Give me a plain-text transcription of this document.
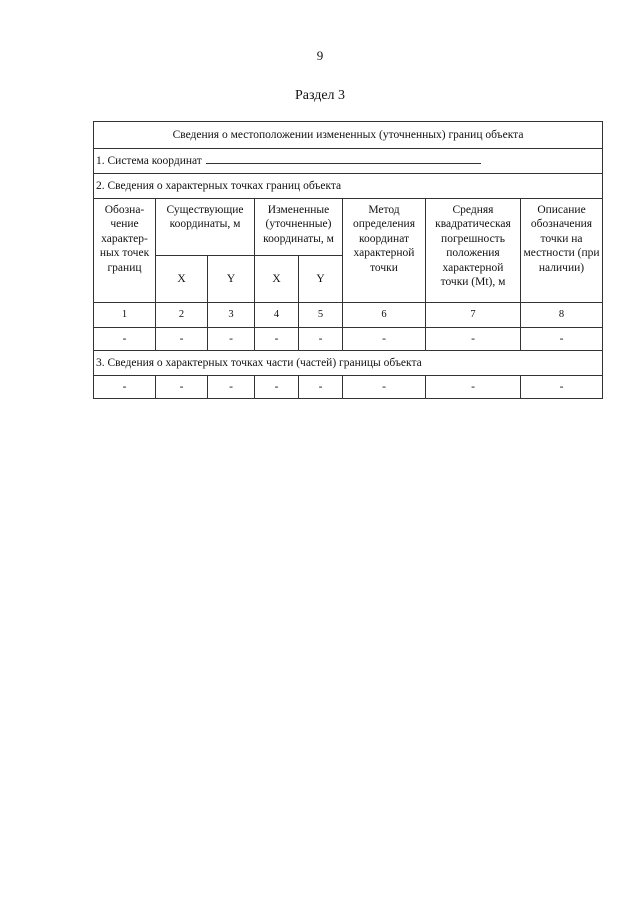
9
Раздел 3
Сведения о местоположении измененных (уточненных) границ объекта							
1. Система координат							
2. Сведения о характерных точках границ объекта							
Обозна-чение характер-ных точек границ	Существующие координаты, м		Измененные (уточненные) координаты, м		Метод определения координат характерной точки	Средняя квадратическая погрешность положения характерной точки (Mt), м	Описание обозначения точки на местности (при наличии)
	X	Y	X	Y			
1	2	3	4	5	6	7	8
-	-	-	-	-	-	-	-
3. Сведения о характерных точках части (частей) границы объекта							
-	-	-	-	-	-	-	-
